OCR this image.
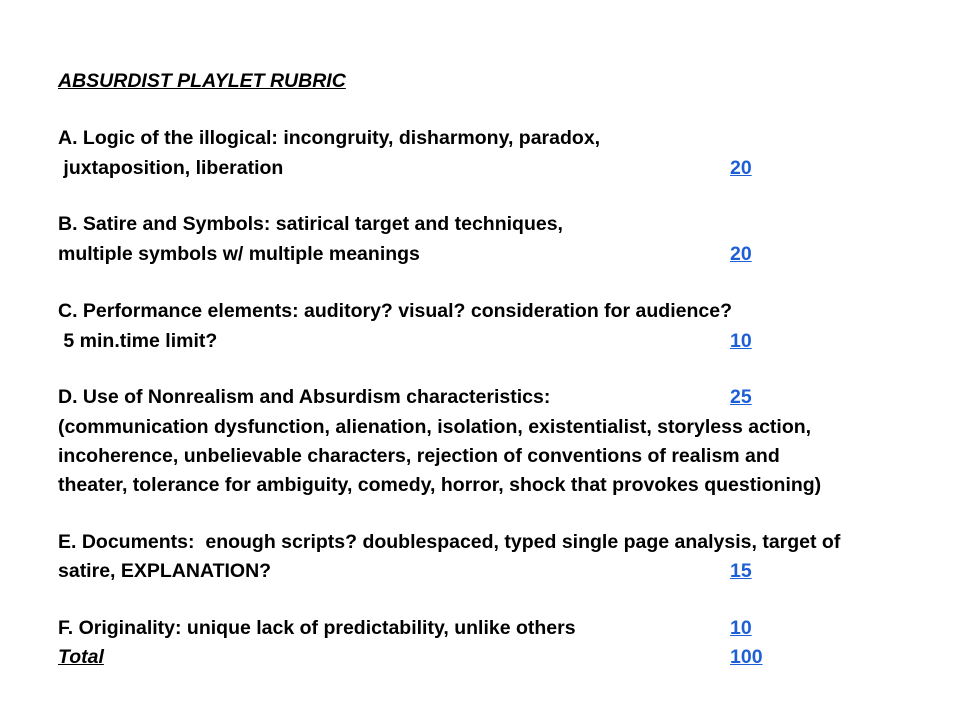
ABSURDIST PLAYLET RUBRIC
A. Logic of the illogical: incongruity, disharmony, paradox,
juxtaposition, liberation	20
B. Satire and Symbols: satirical target and techniques,
multiple symbols w/ multiple meanings	20
C. Performance elements: auditory? visual? consideration for audience?
5 min.time limit?	10
D. Use of Nonrealism and Absurdism characteristics:	25
(communication dysfunction, alienation, isolation, existentialist, storyless action,
incoherence, unbelievable characters, rejection of conventions of realism and
theater, tolerance for ambiguity, comedy, horror, shock that provokes questioning)
E. Documents:  enough scripts? doublespaced, typed single page analysis, target of
satire, EXPLANATION?	15
F. Originality: unique lack of predictability, unlike others	10
Total	100
